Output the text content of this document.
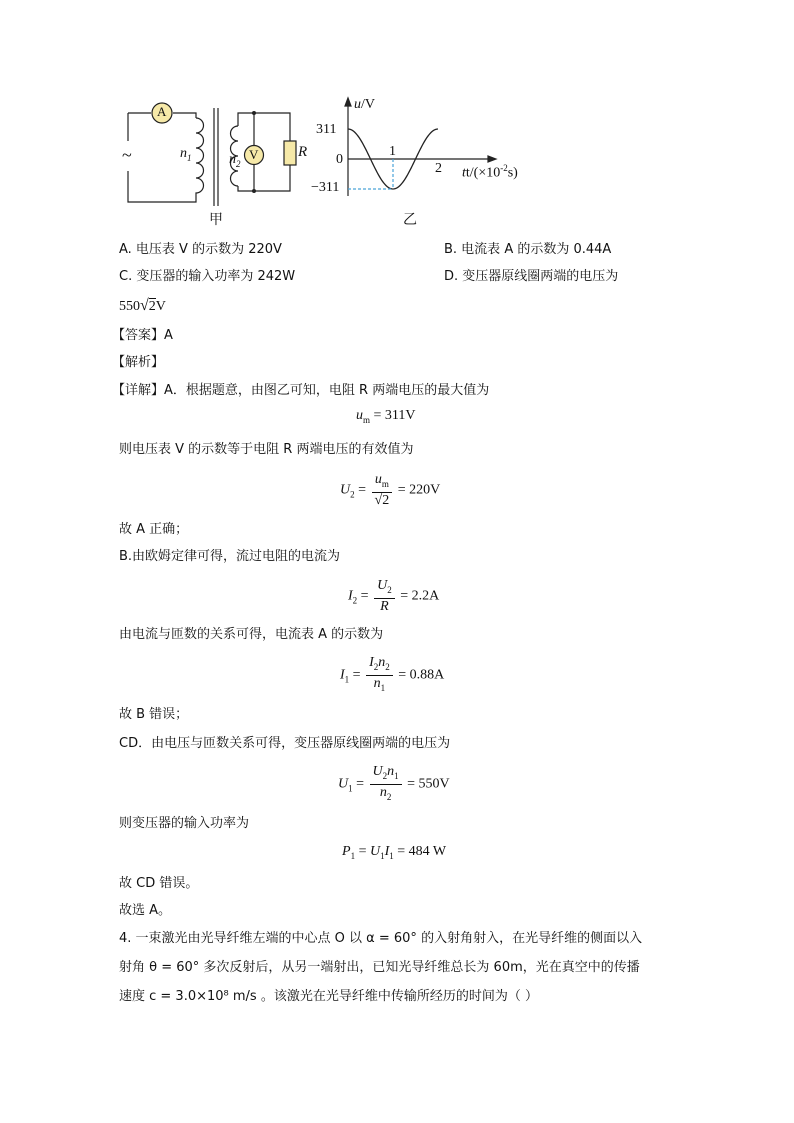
A
V
~	$n_1$	$n_2$
R
甲
u/V
311
0
−311
1
2 $tt/(\times 10^{-2}s)$
乙
A. 电压表 V 的示数为 220V	B. 电流表 A 的示数为 0.44A
C. 变压器的输入功率为 242W	D. 变压器原线圈两端的电压为
550√2V
【答案】A
【解析】
【详解】A．根据题意，由图乙可知，电阻 R 两端电压的最大值为
$u_m = 311V$
则电压表 V 的示数等于电阻 R 两端电压的有效值为
$U_2 = \frac{u_m}{√2} = 220V$
故 A 正确；
B.由欧姆定律可得，流过电阻的电流为
$I_2 = \frac{U_2}{R} = 2.2A$
由电流与匝数的关系可得，电流表 A 的示数为
$I_1 = \frac{I_2n_2}{n_1} = 0.88A$
故 B 错误；
CD．由电压与匝数关系可得，变压器原线圈两端的电压为
$U_1 = \frac{U_2n_1}{n_2} = 550V$
则变压器的输入功率为
$P_1 = U_1I_1 = 484$ W
故 CD 错误。
故选 A。
4. 一束激光由光导纤维左端的中心点 O 以 α = 60° 的入射角射入，在光导纤维的侧面以入
射角 θ = 60° 多次反射后，从另一端射出，已知光导纤维总长为 60m，光在真空中的传播
速度 c = 3.0×10⁸ m/s 。该激光在光导纤维中传输所经历的时间为（ ）
